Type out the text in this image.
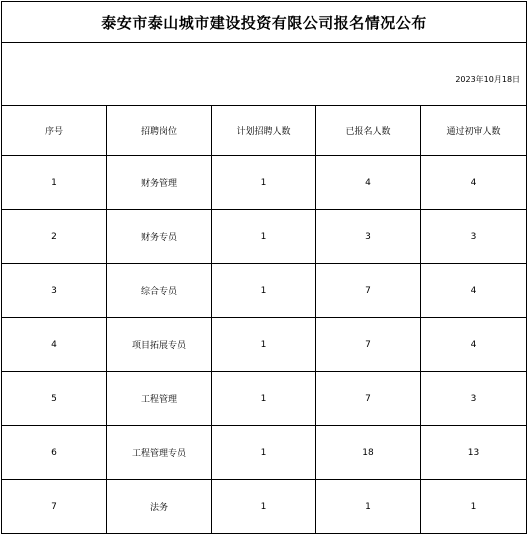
泰安市泰山城市建设投资有限公司报名情况公布				
2023年10月18日				
序号	招聘岗位	计划招聘人数	已报名人数	通过初审人数
1	财务管理	1	4	4
2	财务专员	1	3	3
3	综合专员	1	7	4
4	项目拓展专员	1	7	4
5	工程管理	1	7	3
6	工程管理专员	1	18	13
7	法务	1	1	1
